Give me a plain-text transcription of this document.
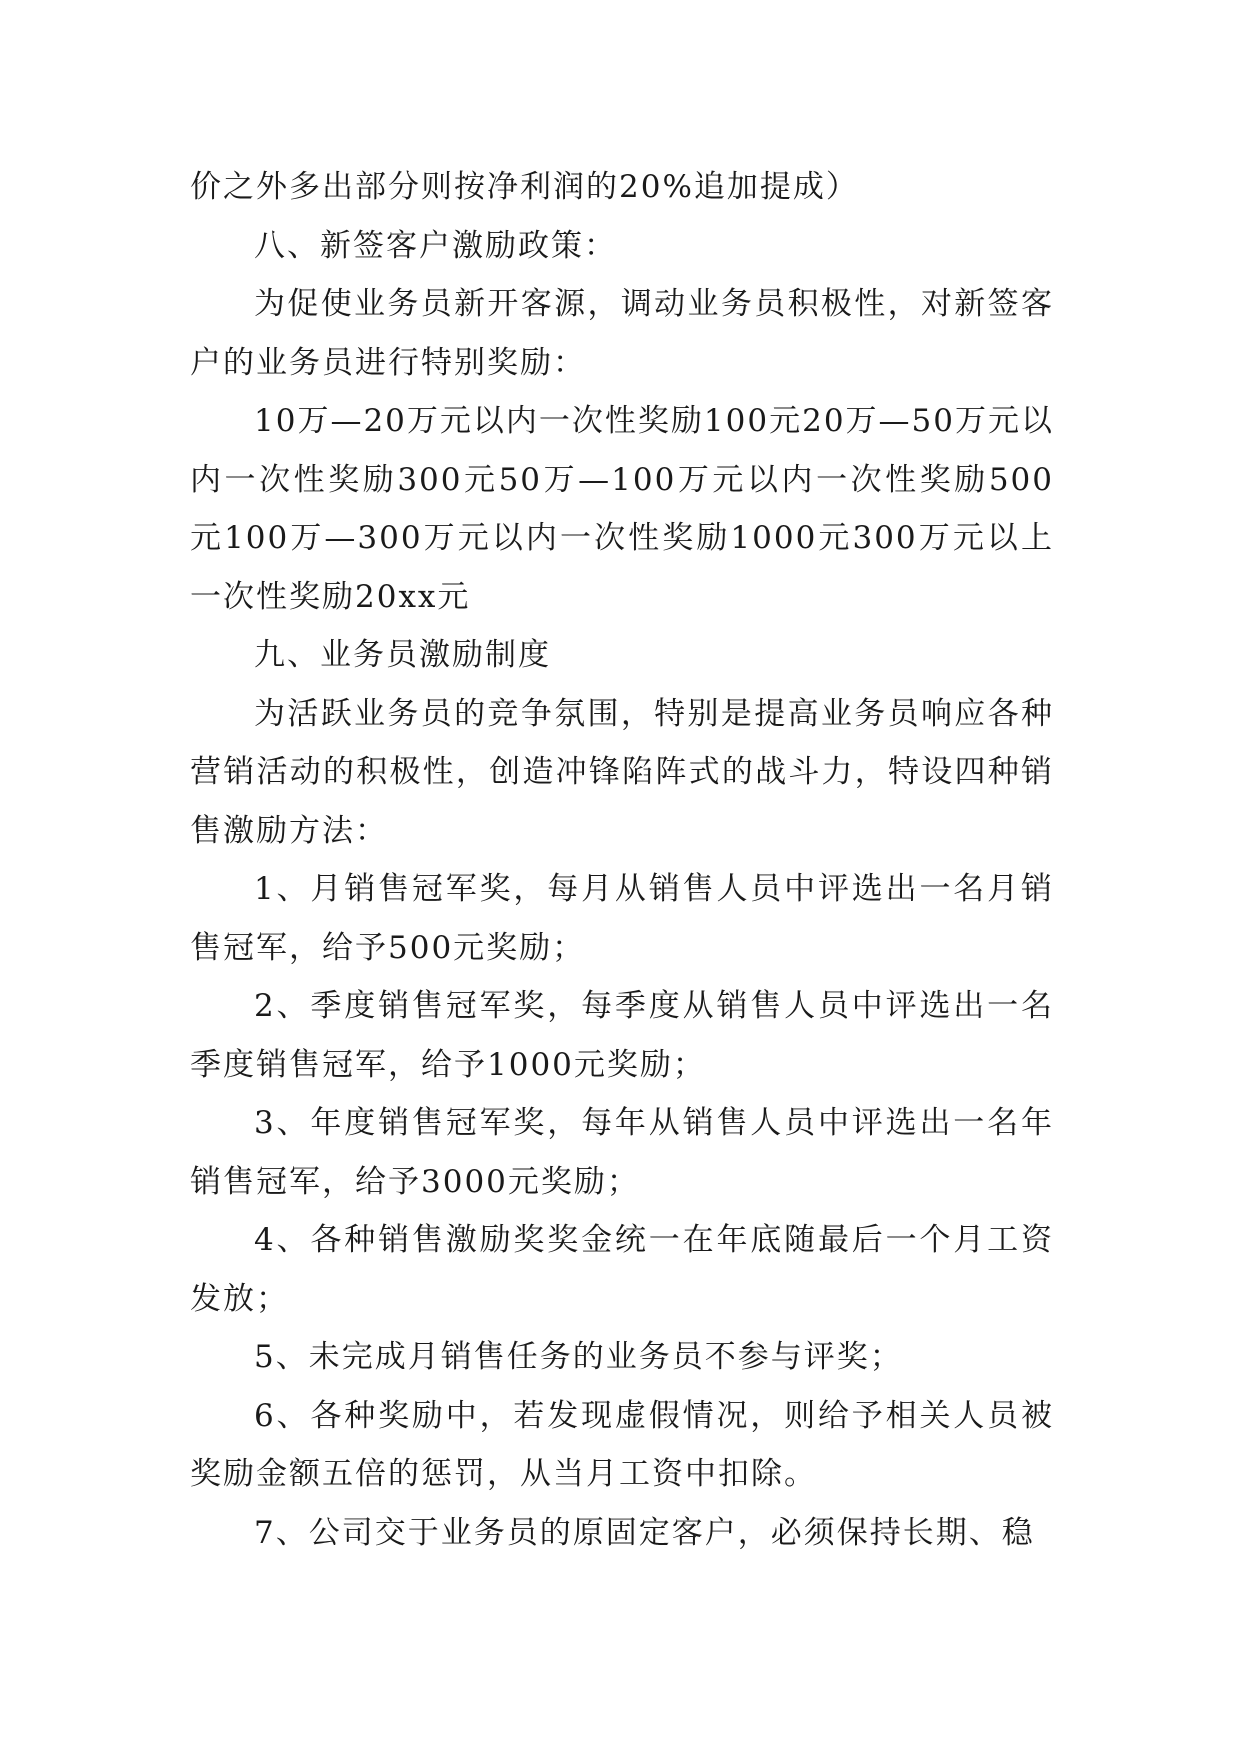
价之外多出部分则按净利润的20%追加提成）

八、新签客户激励政策：

为促使业务员新开客源，调动业务员积极性，对新签客户的业务员进行特别奖励：

10万—20万元以内一次性奖励100元20万—50万元以内一次性奖励300元50万—100万元以内一次性奖励500元100万—300万元以内一次性奖励1000元300万元以上一次性奖励20xx元

九、业务员激励制度

为活跃业务员的竞争氛围，特别是提高业务员响应各种营销活动的积极性，创造冲锋陷阵式的战斗力，特设四种销售激励方法：

1、月销售冠军奖，每月从销售人员中评选出一名月销售冠军，给予500元奖励；

2、季度销售冠军奖，每季度从销售人员中评选出一名季度销售冠军，给予1000元奖励；

3、年度销售冠军奖，每年从销售人员中评选出一名年销售冠军，给予3000元奖励；

4、各种销售激励奖奖金统一在年底随最后一个月工资发放；

5、未完成月销售任务的业务员不参与评奖；

6、各种奖励中，若发现虚假情况，则给予相关人员被奖励金额五倍的惩罚，从当月工资中扣除。

7、公司交于业务员的原固定客户，必须保持长期、稳
